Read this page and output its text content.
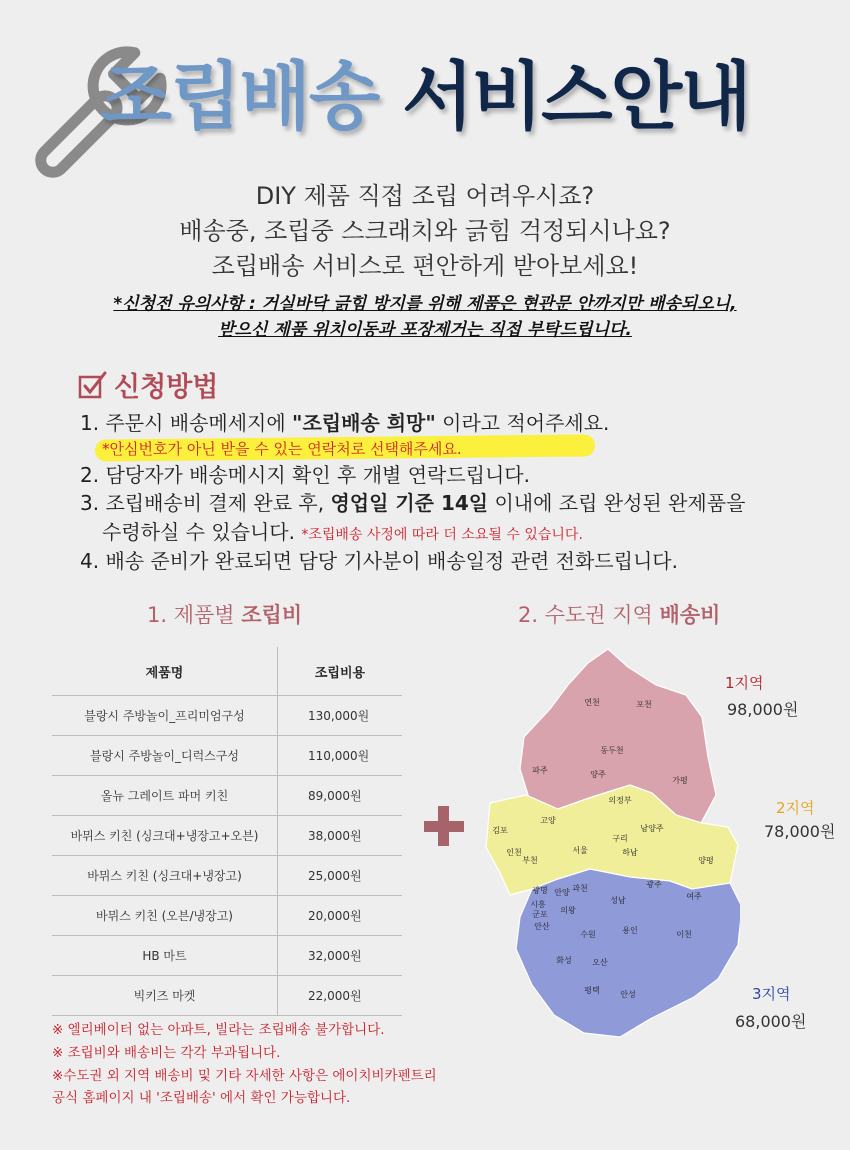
조립배송 서비스안내
DIY 제품 직접 조립 어려우시죠?
배송중, 조립중 스크래치와 긁힘 걱정되시나요?
조립배송 서비스로 편안하게 받아보세요!
*신청전 유의사항 : 거실바닥 긁힘 방지를 위해 제품은 현관문 안까지만 배송되오니,
받으신 제품 위치이동과 포장제거는 직접 부탁드립니다.
신청방법
1. 주문시 배송메세지에 "조립배송 희망" 이라고 적어주세요.
*안심번호가 아닌 받을 수 있는 연락처로 선택해주세요.
2. 담당자가 배송메시지 확인 후 개별 연락드립니다.
3. 조립배송비 결제 완료 후, 영업일 기준 14일 이내에 조립 완성된 완제품을
수령하실 수 있습니다. *조립배송 사정에 따라 더 소요될 수 있습니다.
4. 배송 준비가 완료되면 담당 기사분이 배송일정 관련 전화드립니다.
1. 제품별 조립비	2. 수도권 지역 배송비
제품명	조립비용
블랑시 주방놀이_프리미엄구성	130,000원
블랑시 주방놀이_디럭스구성	110,000원
올뉴 그레이트 파머 키친	89,000원
바뮈스 키친 (싱크대+냉장고+오븐)	38,000원
바뮈스 키친 (싱크대+냉장고)	25,000원
바뮈스 키친 (오븐/냉장고)	20,000원
HB 마트	32,000원
빅키즈 마켓	22,000원
연천	포천
동두천
양주
파주
가평
의정부
고양
남양주
김포
서울
구리
인천
부천
하남
양평
광명 안양 과천
성남
광주
시흥
군포 의왕
여주
안산
수원	용인	이천
화성	오산
평택	안성
1지역
98,000원
2지역
78,000원
3지역
68,000원
※ 엘리베이터 없는 아파트, 빌라는 조립배송 불가합니다.
※ 조립비와 배송비는 각각 부과됩니다.
※수도권 외 지역 배송비 및 기타 자세한 사항은 에이치비카펜트리
공식 홈페이지 내 '조립배송' 에서 확인 가능합니다.
